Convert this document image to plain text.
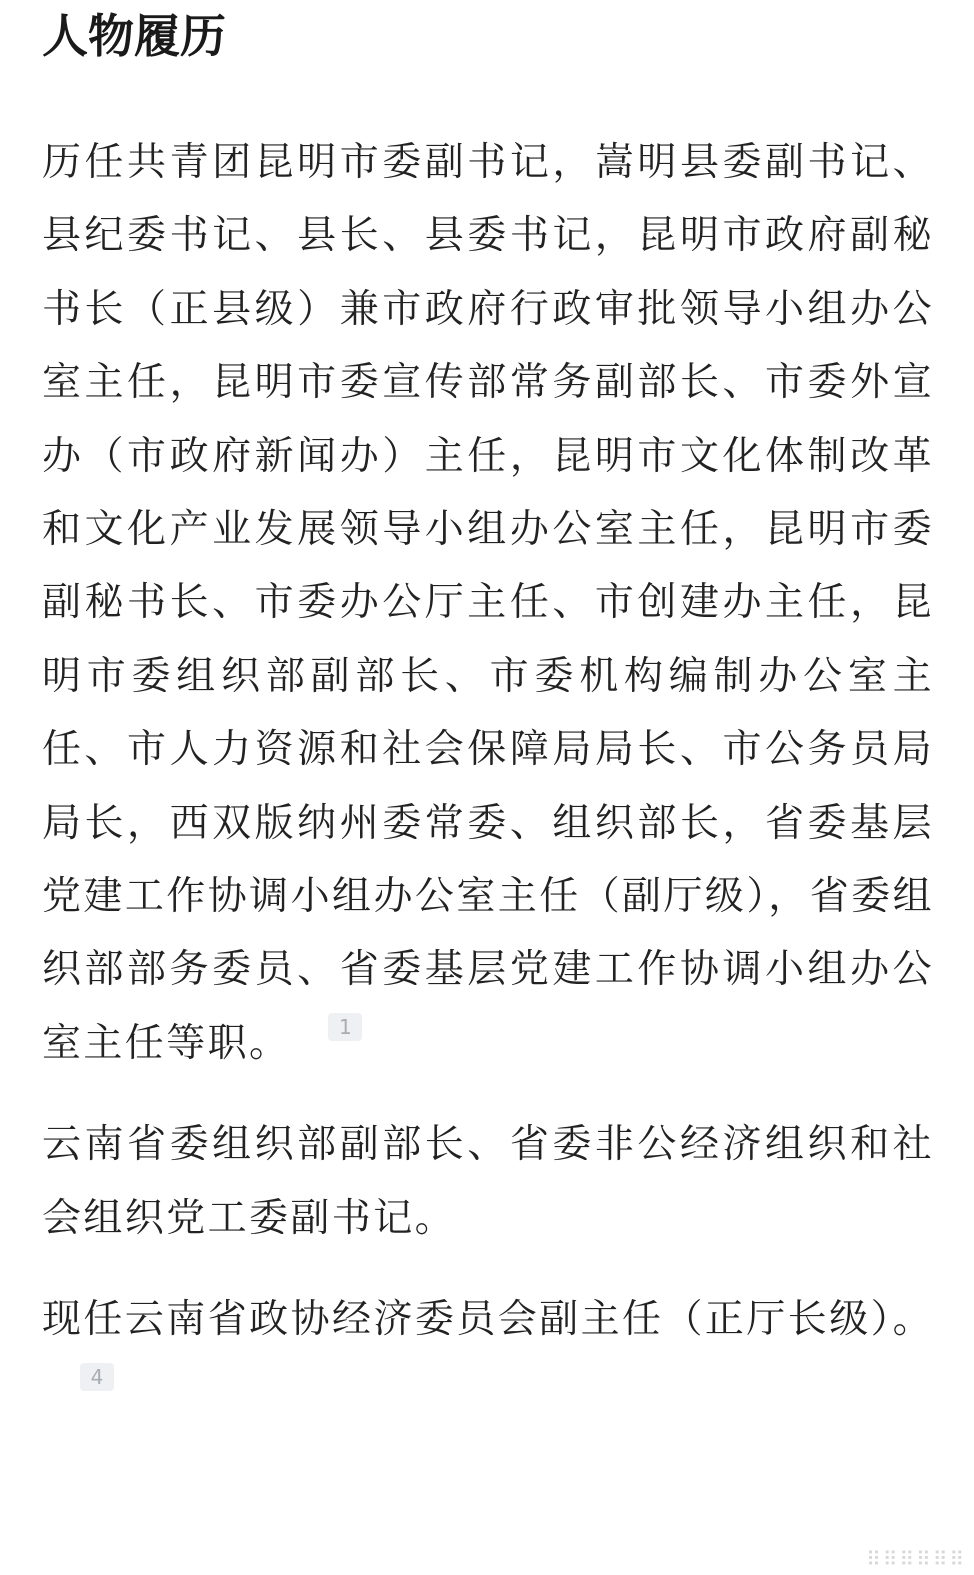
人物履历

历任共青团昆明市委副书记，嵩明县委副书记、县纪委书记、县长、县委书记，昆明市政府副秘书长（正县级）兼市政府行政审批领导小组办公室主任，昆明市委宣传部常务副部长、市委外宣办（市政府新闻办）主任，昆明市文化体制改革和文化产业发展领导小组办公室主任，昆明市委副秘书长、市委办公厅主任、市创建办主任，昆明市委组织部副部长、市委机构编制办公室主任、市人力资源和社会保障局局长、市公务员局局长，西双版纳州委常委、组织部长，省委基层党建工作协调小组办公室主任（副厅级），省委组织部部务委员、省委基层党建工作协调小组办公室主任等职。 1

云南省委组织部副部长、省委非公经济组织和社会组织党工委副书记。

现任云南省政协经济委员会副主任（正厅长级）。4

⠿⠿⠿⠿⠿⠿
